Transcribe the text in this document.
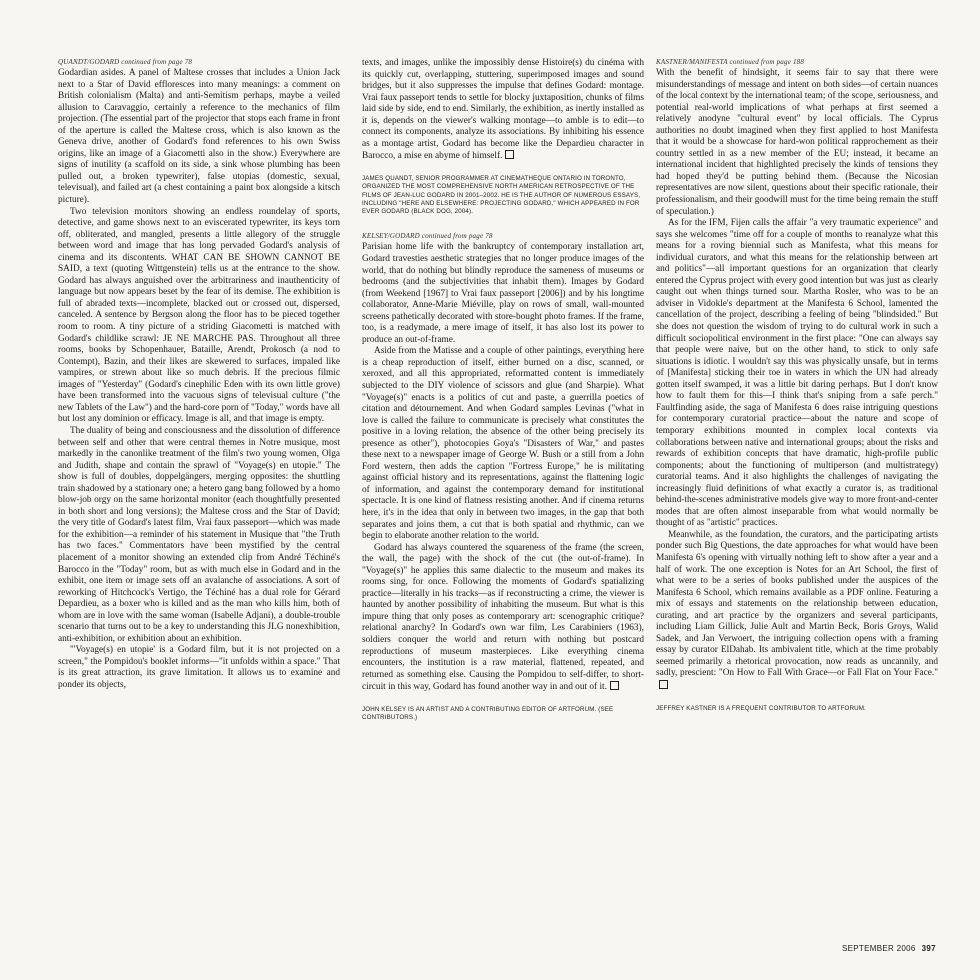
QUANDT/GODARD continued from page 78

Godardian asides. A panel of Maltese crosses that includes a Union Jack next to a Star of David effloresces into many meanings: a comment on British colonialism (Malta) and anti-Semitism perhaps, maybe a veiled allusion to Caravaggio, certainly a reference to the mechanics of film projection. (The essential part of the projector that stops each frame in front of the aperture is called the Maltese cross, which is also known as the Geneva drive, another of Godard's fond references to his own Swiss origins, like an image of a Giacometti also in the show.) Everywhere are signs of inutility (a scaffold on its side, a sink whose plumbing has been pulled out, a broken typewriter), false utopias (domestic, sexual, televisual), and failed art (a chest containing a paint box alongside a kitsch picture).

Two television monitors showing an endless roundelay of sports, detective, and game shows next to an eviscerated typewriter, its keys torn off, obliterated, and mangled, presents a little allegory of the struggle between word and image that has long pervaded Godard's analysis of cinema and its discontents. WHAT CAN BE SHOWN CANNOT BE SAID, a text (quoting Wittgenstein) tells us at the entrance to the show. Godard has always anguished over the arbitrariness and inauthenticity of language but now appears beset by the fear of its demise. The exhibition is full of abraded texts—incomplete, blacked out or crossed out, dispersed, canceled. A sentence by Bergson along the floor has to be pieced together room to room. A tiny picture of a striding Giacometti is matched with Godard's childlike scrawl: JE NE MARCHE PAS. Throughout all three rooms, books by Schopenhauer, Bataille, Arendt, Prokosch (a nod to Contempt), Bazin, and their likes are skewered to surfaces, impaled like vampires, or strewn about like so much debris. If the precious filmic images of "Yesterday" (Godard's cinephilic Eden with its own little grove) have been transformed into the vacuous signs of televisual culture ("the new Tablets of the Law") and the hard-core porn of "Today," words have all but lost any dominion or efficacy. Image is all, and that image is empty.

The duality of being and consciousness and the dissolution of difference between self and other that were central themes in Notre musique, most markedly in the canonlike treatment of the film's two young women, Olga and Judith, shape and contain the sprawl of "Voyage(s) en utopie." The show is full of doubles, doppelgängers, merging opposites: the shuttling train shadowed by a stationary one; a hetero gang bang followed by a homo blow-job orgy on the same horizontal monitor (each thoughtfully presented in both short and long versions); the Maltese cross and the Star of David; the very title of Godard's latest film, Vrai faux passeport—which was made for the exhibition—a reminder of his statement in Musique that "the Truth has two faces." Commentators have been mystified by the central placement of a monitor showing an extended clip from André Téchiné's Barocco in the "Today" room, but as with much else in Godard and in the exhibit, one item or image sets off an avalanche of associations. A sort of reworking of Hitchcock's Vertigo, the Téchiné has a dual role for Gérard Depardieu, as a boxer who is killed and as the man who kills him, both of whom are in love with the same woman (Isabelle Adjani), a double-trouble scenario that turns out to be a key to understanding this JLG nonexhibition, anti-exhibition, or exhibition about an exhibition.

"'Voyage(s) en utopie' is a Godard film, but it is not projected on a screen," the Pompidou's booklet informs—"it unfolds within a space." That is its great attraction, its grave limitation. It allows us to examine and ponder its objects,

texts, and images, unlike the impossibly dense Histoire(s) du cinéma with its quickly cut, overlapping, stuttering, superimposed images and sound bridges, but it also suppresses the impulse that defines Godard: montage. Vrai faux passeport tends to settle for blocky juxtaposition, chunks of films laid side by side, end to end. Similarly, the exhibition, as inertly installed as it is, depends on the viewer's walking montage—to amble is to edit—to connect its components, analyze its associations. By inhibiting his essence as a montage artist, Godard has become like the Depardieu character in Barocco, a mise en abyme of himself.

JAMES QUANDT, SENIOR PROGRAMMER AT CINEMATHEQUE ONTARIO IN TORONTO, ORGANIZED THE MOST COMPREHENSIVE NORTH AMERICAN RETROSPECTIVE OF THE FILMS OF JEAN-LUC GODARD IN 2001–2002. HE IS THE AUTHOR OF NUMEROUS ESSAYS, INCLUDING "HERE AND ELSEWHERE: PROJECTING GODARD," WHICH APPEARED IN FOR EVER GODARD (BLACK DOG, 2004).
KELSEY/GODARD continued from page 78

Parisian home life with the bankruptcy of contemporary installation art, Godard travesties aesthetic strategies that no longer produce images of the world, that do nothing but blindly reproduce the sameness of museums or bedrooms (and the subjectivities that inhabit them). Images by Godard (from Weekend [1967] to Vrai faux passeport [2006]) and by his longtime collaborator, Anne-Marie Miéville, play on rows of small, wall-mounted screens pathetically decorated with store-bought photo frames. If the frame, too, is a readymade, a mere image of itself, it has also lost its power to produce an out-of-frame.

Aside from the Matisse and a couple of other paintings, everything here is a cheap reproduction of itself, either burned on a disc, scanned, or xeroxed, and all this appropriated, reformatted content is immediately subjected to the DIY violence of scissors and glue (and Sharpie). What "Voyage(s)" enacts is a politics of cut and paste, a guerrilla poetics of citation and détournement. And when Godard samples Levinas ("what in love is called the failure to communicate is precisely what constitutes the positive in a loving relation, the absence of the other being precisely its presence as other"), photocopies Goya's "Disasters of War," and pastes these next to a newspaper image of George W. Bush or a still from a John Ford western, then adds the caption "Fortress Europe," he is militating against official history and its representations, against the flattening logic of information, and against the contemporary demand for institutional spectacle. It is one kind of flatness resisting another. And if cinema returns here, it's in the idea that only in between two images, in the gap that both separates and joins them, a cut that is both spatial and rhythmic, can we begin to elaborate another relation to the world.

Godard has always countered the squareness of the frame (the screen, the wall, the page) with the shock of the cut (the out-of-frame). In "Voyage(s)" he applies this same dialectic to the museum and makes its rooms sing, for once. Following the moments of Godard's spatializing practice—literally in his tracks—as if reconstructing a crime, the viewer is haunted by another possibility of inhabiting the museum. But what is this impure thing that only poses as contemporary art: scenographic critique? relational anarchy? In Godard's own war film, Les Carabiniers (1963), soldiers conquer the world and return with nothing but postcard reproductions of museum masterpieces. Like everything cinema encounters, the institution is a raw material, flattened, repeated, and returned as something else. Causing the Pompidou to self-differ, to short-circuit in this way, Godard has found another way in and out of it.

JOHN KELSEY IS AN ARTIST AND A CONTRIBUTING EDITOR OF ARTFORUM. (SEE CONTRIBUTORS.)
KASTNER/MANIFESTA continued from page 188

With the benefit of hindsight, it seems fair to say that there were misunderstandings of message and intent on both sides—of certain nuances of the local context by the international team; of the scope, seriousness, and potential real-world implications of what perhaps at first seemed a relatively anodyne "cultural event" by local officials. The Cyprus authorities no doubt imagined when they first applied to host Manifesta that it would be a showcase for hard-won political rapprochement as their country settled in as a new member of the EU; instead, it became an international incident that highlighted precisely the kinds of tensions they had hoped they'd be putting behind them. (Because the Nicosian representatives are now silent, questions about their specific rationale, their professionalism, and their goodwill must for the time being remain the stuff of speculation.)

As for the IFM, Fijen calls the affair "a very traumatic experience" and says she welcomes "time off for a couple of months to reanalyze what this means for a roving biennial such as Manifesta, what this means for individual curators, and what this means for the relationship between art and politics"—all important questions for an organization that clearly entered the Cyprus project with every good intention but was just as clearly caught out when things turned sour. Martha Rosler, who was to be an adviser in Vidokle's department at the Manifesta 6 School, lamented the cancellation of the project, describing a feeling of being "blindsided." But she does not question the wisdom of trying to do cultural work in such a difficult sociopolitical environment in the first place: "One can always say that people were naive, but on the other hand, to stick to only safe situations is idiotic. I wouldn't say this was physically unsafe, but in terms of [Manifesta] sticking their toe in waters in which the UN had already gotten itself swamped, it was a little bit daring perhaps. But I don't know how to fault them for this—I think that's sniping from a safe perch." Faultfinding aside, the saga of Manifesta 6 does raise intriguing questions for contemporary curatorial practice—about the nature and scope of temporary exhibitions mounted in complex local contexts via collaborations between native and international groups; about the risks and rewards of exhibition concepts that have dramatic, high-profile public components; about the functioning of multiperson (and multistrategy) curatorial teams. And it also highlights the challenges of navigating the increasingly fluid definitions of what exactly a curator is, as traditional behind-the-scenes administrative models give way to more front-and-center modes that are often almost inseparable from what would normally be thought of as "artistic" practices.

Meanwhile, as the foundation, the curators, and the participating artists ponder such Big Questions, the date approaches for what would have been Manifesta 6's opening with virtually nothing left to show after a year and a half of work. The one exception is Notes for an Art School, the first of what were to be a series of books published under the auspices of the Manifesta 6 School, which remains available as a PDF online. Featuring a mix of essays and statements on the relationship between education, curating, and art practice by the organizers and several participants, including Liam Gillick, Julie Ault and Martin Beck, Boris Groys, Walid Sadek, and Jan Verwoert, the intriguing collection opens with a framing essay by curator ElDahab. Its ambivalent title, which at the time probably seemed primarily a rhetorical provocation, now reads as uncannily, and sadly, prescient: "On How to Fall With Grace—or Fall Flat on Your Face."

JEFFREY KASTNER IS A FREQUENT CONTRIBUTOR TO ARTFORUM.
SEPTEMBER 2006 397
